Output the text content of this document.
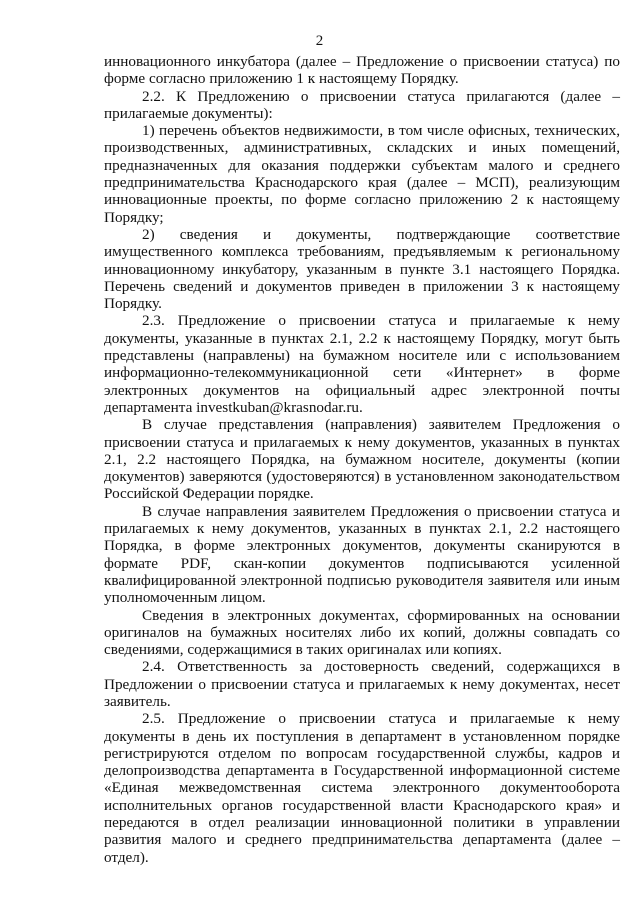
2

инновационного инкубатора (далее – Предложение о присвоении статуса) по форме согласно приложению 1 к настоящему Порядку.

2.2. К Предложению о присвоении статуса прилагаются (далее – прилагаемые документы):

1) перечень объектов недвижимости, в том числе офисных, технических, производственных, административных, складских и иных помещений, предназначенных для оказания поддержки субъектам малого и среднего предпринимательства Краснодарского края (далее – МСП), реализующим инновационные проекты, по форме согласно приложению 2 к настоящему Порядку;

2) сведения и документы, подтверждающие соответствие имущественного комплекса требованиям, предъявляемым к региональному инновационному инкубатору, указанным в пункте 3.1 настоящего Порядка. Перечень сведений и документов приведен в приложении 3 к настоящему Порядку.

2.3. Предложение о присвоении статуса и прилагаемые к нему документы, указанные в пунктах 2.1, 2.2 к настоящему Порядку, могут быть представлены (направлены) на бумажном носителе или с использованием информационно-телекоммуникационной сети «Интернет» в форме электронных документов на официальный адрес электронной почты департамента investkuban@krasnodar.ru.

В случае представления (направления) заявителем Предложения о присвоении статуса и прилагаемых к нему документов, указанных в пунктах 2.1, 2.2 настоящего Порядка, на бумажном носителе, документы (копии документов) заверяются (удостоверяются) в установленном законодательством Российской Федерации порядке.

В случае направления заявителем Предложения о присвоении статуса и прилагаемых к нему документов, указанных в пунктах 2.1, 2.2 настоящего Порядка, в форме электронных документов, документы сканируются в формате PDF, скан-копии документов подписываются усиленной квалифицированной электронной подписью руководителя заявителя или иным уполномоченным лицом.

Сведения в электронных документах, сформированных на основании оригиналов на бумажных носителях либо их копий, должны совпадать со сведениями, содержащимися в таких оригиналах или копиях.

2.4. Ответственность за достоверность сведений, содержащихся в Предложении о присвоении статуса и прилагаемых к нему документах, несет заявитель.

2.5. Предложение о присвоении статуса и прилагаемые к нему документы в день их поступления в департамент в установленном порядке регистрируются отделом по вопросам государственной службы, кадров и делопроизводства департамента в Государственной информационной системе «Единая межведомственная система электронного документооборота исполнительных органов государственной власти Краснодарского края» и передаются в отдел реализации инновационной политики в управлении развития малого и среднего предпринимательства департамента (далее – отдел).
